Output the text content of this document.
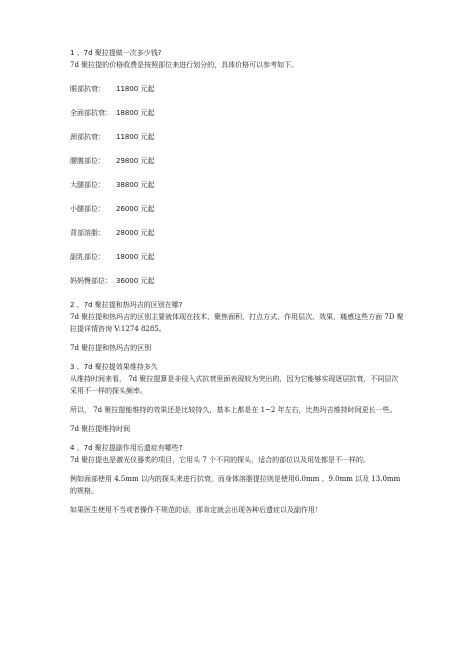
1 、7d 聚拉提做一次多少钱?

7d 聚拉提的价格收费是按照部位来进行划分的，具体价格可以参考如下。

眼部抗衰： 11800 元起
全面部抗衰： 18800 元起
颈部抗衰： 11800 元起
腰腹部位： 29800 元起
大腿部位： 38800 元起
小腿部位： 26000 元起
背部溶脂： 28000 元起
副乳部位： 18000 元起
妈妈臀部位： 36000 元起

2 、7d 聚拉提和热玛吉的区别在哪?

7d 聚拉提和热玛吉的区别主要就体现在技术、聚焦面积、打点方式、作用层次、效果、痛感这些方面 7D 聚拉提详情咨询 V:1274 8285。

7d 聚拉提和热玛吉的区别

3 、7d 聚拉提效果维持多久

从维持时间来看， 7d 聚拉提算是非侵入式抗衰里面表现较为突出的，因为它能够实现逐层抗衰，不同层次采用不一样的探头频率。

所以， 7d 聚拉提能维持的效果还是比较持久，基本上都是在 1~2 年左右，比热玛吉维持时间更长一些。

7d 聚拉提维持时间

4 、7d 聚拉提副作用后遗症有哪些?

7d 聚拉提也是激光仪器类的项目，它用头 7 个不同的探头，适合的部位以及用处都是不一样的。

例如面部使用 4.5mm 以内的探头来进行抗衰，而身体溶脂提拉则是使用6.0mm 、9.0mm 以及 13.0mm 的规格。

如果医生使用不当或者操作不规范的话，那肯定就会出现各种后遗症以及副作用！
